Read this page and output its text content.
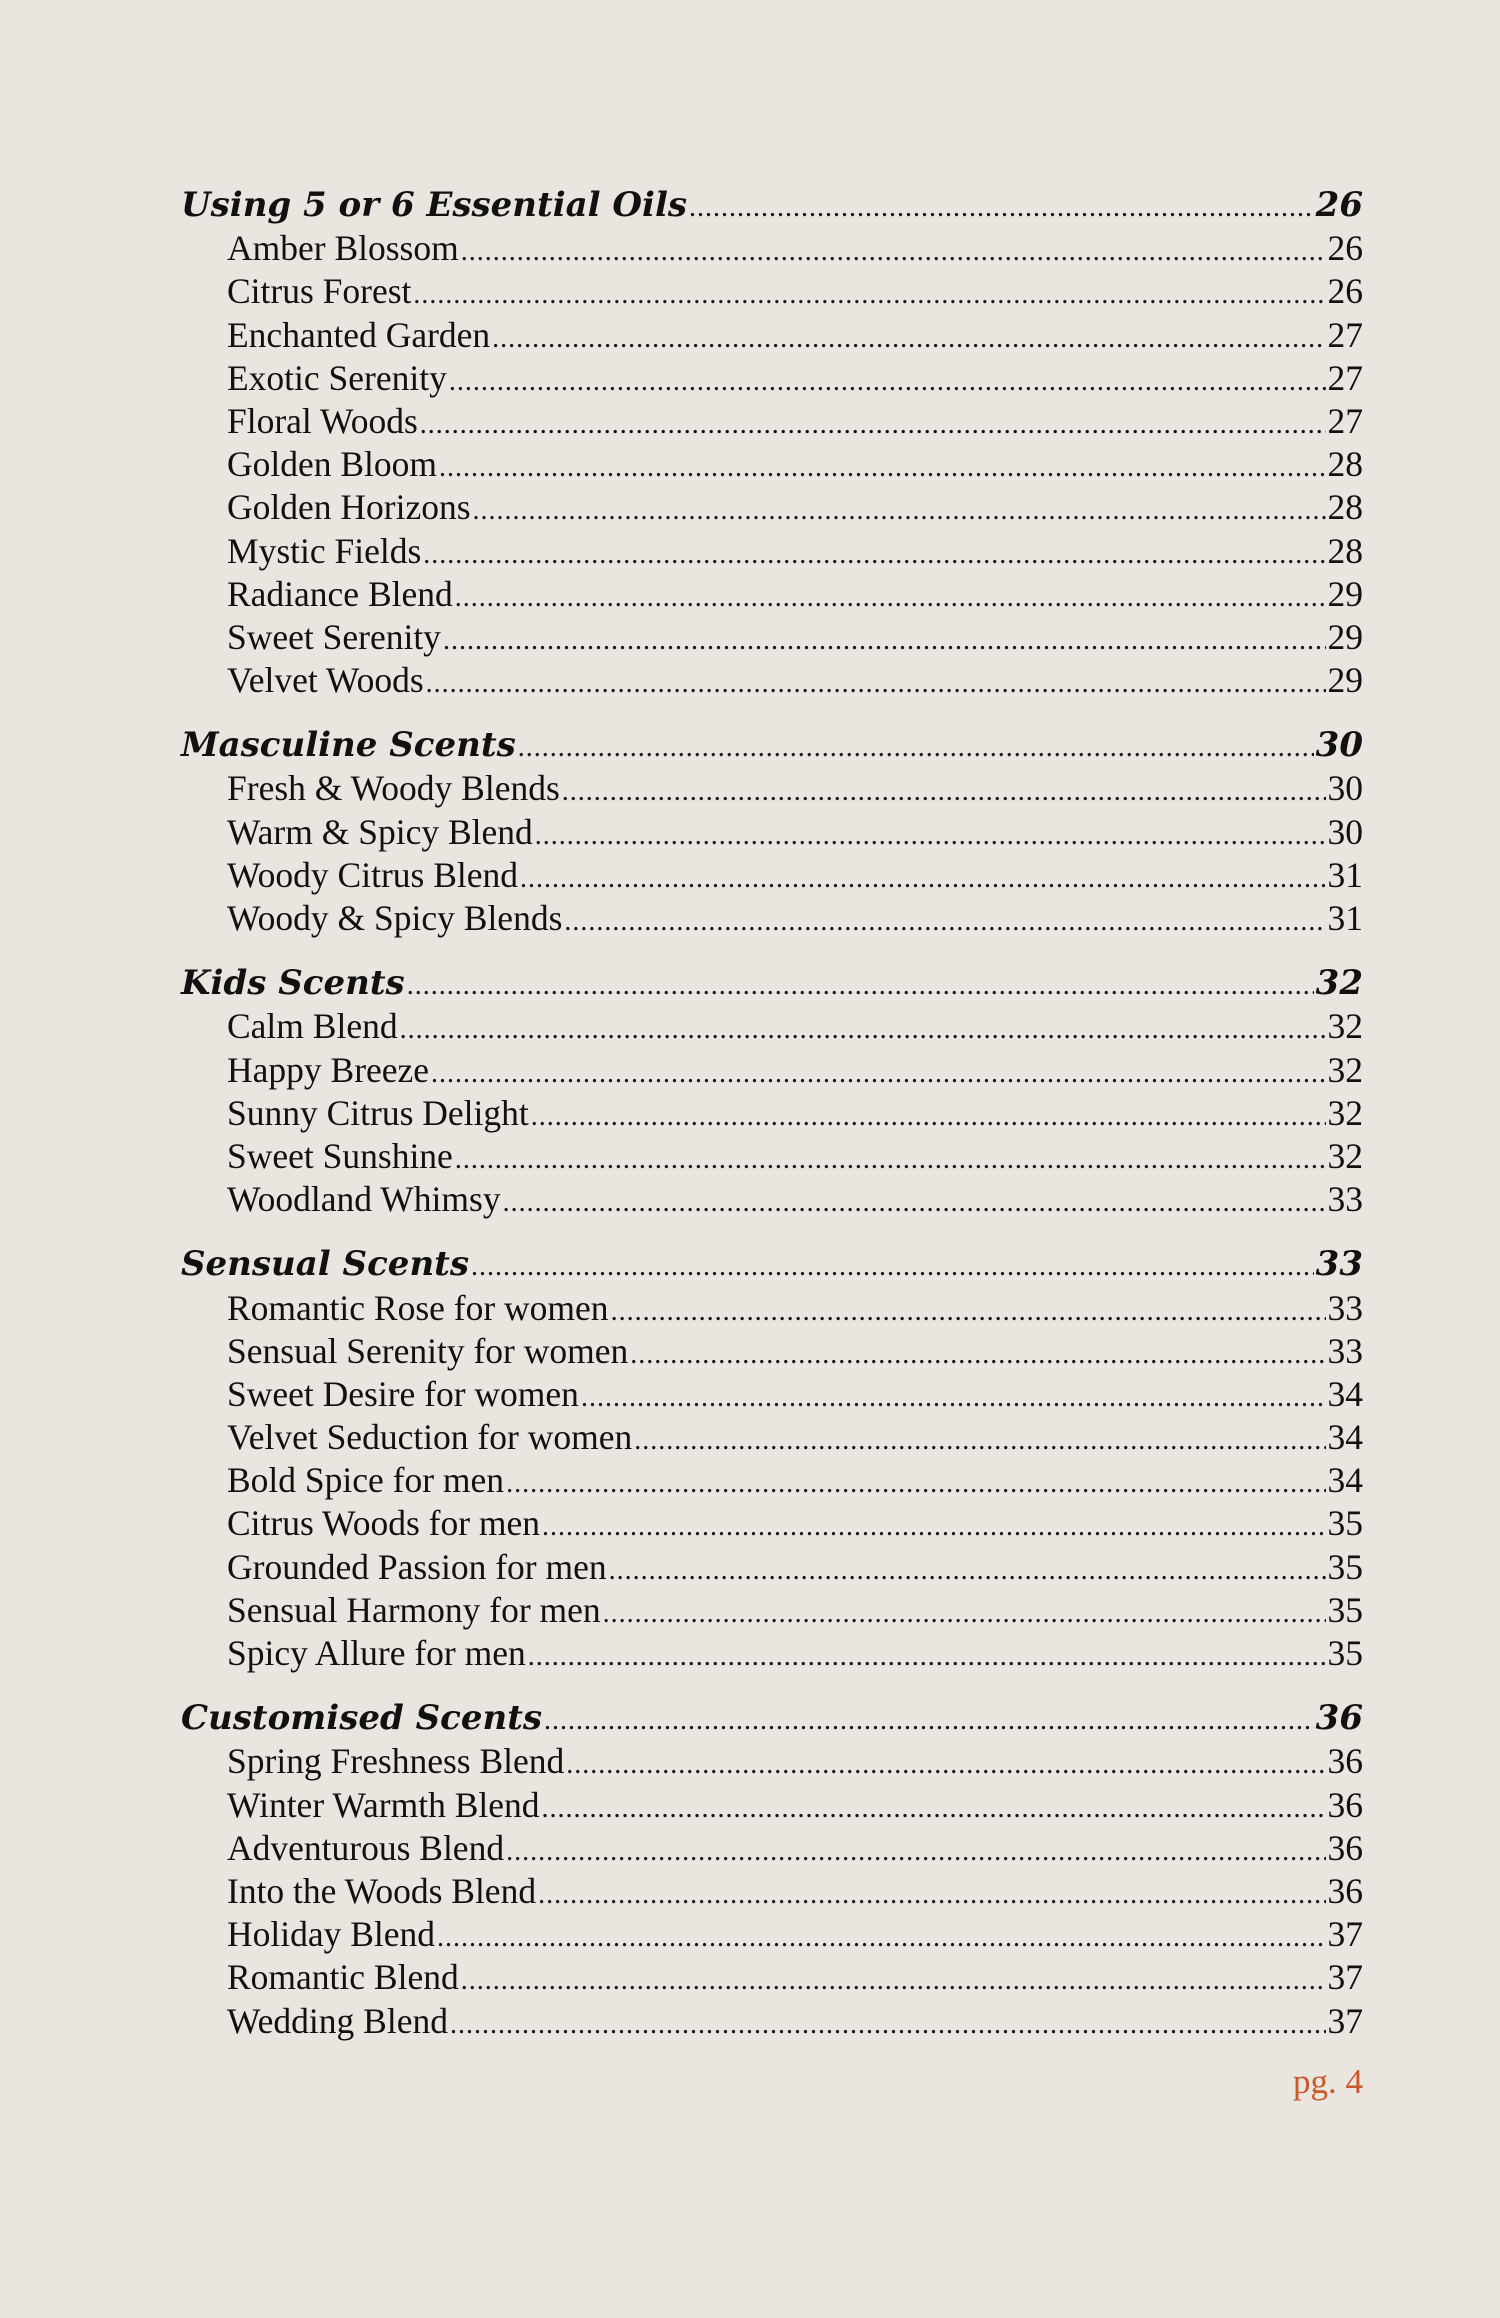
Using 5 or 6 Essential Oils .....	26
Amber Blossom .....	26
Citrus Forest .....	26
Enchanted Garden .....	27
Exotic Serenity .....	27
Floral Woods .....	27
Golden Bloom .....	28
Golden Horizons .....	28
Mystic Fields .....	28
Radiance Blend .....	29
Sweet Serenity .....	29
Velvet Woods .....	29
Masculine Scents .....	30
Fresh & Woody Blends .....	30
Warm & Spicy Blend .....	30
Woody Citrus Blend .....	31
Woody & Spicy Blends .....	31
Kids Scents .....	32
Calm Blend .....	32
Happy Breeze .....	32
Sunny Citrus Delight .....	32
Sweet Sunshine .....	32
Woodland Whimsy .....	33
Sensual Scents .....	33
Romantic Rose for women .....	33
Sensual Serenity for women .....	33
Sweet Desire for women .....	34
Velvet Seduction for women .....	34
Bold Spice for men .....	34
Citrus Woods for men .....	35
Grounded Passion for men .....	35
Sensual Harmony for men .....	35
Spicy Allure for men .....	35
Customised Scents .....	36
Spring Freshness Blend .....	36
Winter Warmth Blend .....	36
Adventurous Blend .....	36
Into the Woods Blend .....	36
Holiday Blend .....	37
Romantic Blend .....	37
Wedding Blend .....	37
pg. 4
